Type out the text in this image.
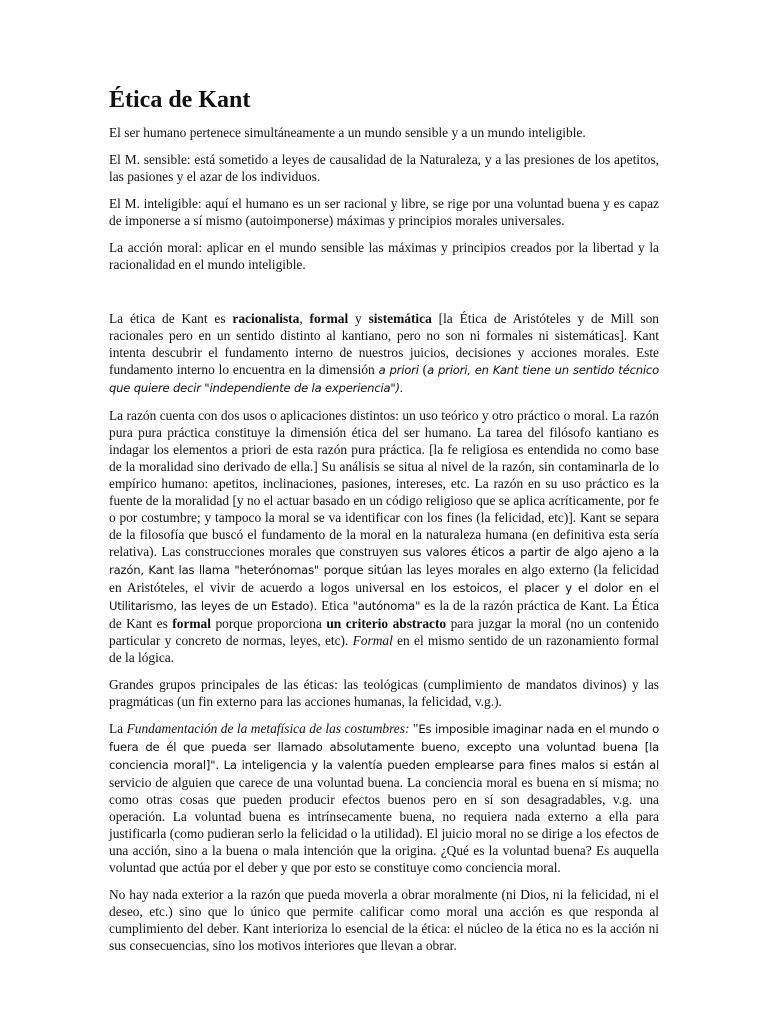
Ética de Kant

El ser humano pertenece simultáneamente a un mundo sensible y a un mundo inteligible.

El M. sensible: está sometido a leyes de causalidad de la Naturaleza, y a las presiones de los apetitos, las pasiones y el azar de los individuos.

El M. inteligible: aquí el humano es un ser racional y libre, se rige por una voluntad buena y es capaz de imponerse a sí mismo (autoimponerse) máximas y principios morales universales.

La acción moral: aplicar en el mundo sensible las máximas y principios creados por la libertad y la racionalidad en el mundo inteligible.

La ética de Kant es racionalista, formal y sistemática [la Ética de Aristóteles y de Mill son racionales pero en un sentido distinto al kantiano, pero no son ni formales ni sistemáticas]. Kant intenta descubrir el fundamento interno de nuestros juicios, decisiones y acciones morales. Este fundamento interno lo encuentra en la dimensión a priori (a priori, en Kant tiene un sentido técnico que quiere decir "independiente de la experiencia").

La razón cuenta con dos usos o aplicaciones distintos: un uso teórico y otro práctico o moral. La razón pura pura práctica constituye la dimensión ética del ser humano. La tarea del filósofo kantiano es indagar los elementos a priori de esta razón pura práctica. [la fe religiosa es entendida no como base de la moralidad sino derivado de ella.] Su análisis se situa al nivel de la razón, sin contaminarla de lo empírico humano: apetitos, inclinaciones, pasiones, intereses, etc. La razón en su uso práctico es la fuente de la moralidad [y no el actuar basado en un código religioso que se aplica acríticamente, por fe o por costumbre; y tampoco la moral se va identificar con los fines (la felicidad, etc)]. Kant se separa de la filosofía que buscó el fundamento de la moral en la naturaleza humana (en definitiva esta sería relativa). Las construcciones morales que construyen sus valores éticos a partir de algo ajeno a la razón, Kant las llama "heterónomas" porque sitúan las leyes morales en algo externo (la felicidad en Aristóteles, el vivir de acuerdo a logos universal en los estoicos, el placer y el dolor en el Utilitarismo, las leyes de un Estado). Etica "autónoma" es la de la razón práctica de Kant. La Ética de Kant es formal porque proporciona un criterio abstracto para juzgar la moral (no un contenido particular y concreto de normas, leyes, etc). Formal en el mismo sentido de un razonamiento formal de la lógica.

Grandes grupos principales de las éticas: las teológicas (cumplimiento de mandatos divinos) y las pragmáticas (un fin externo para las acciones humanas, la felicidad, v.g.).

La Fundamentación de la metafísica de las costumbres: "Es imposible imaginar nada en el mundo o fuera de él que pueda ser llamado absolutamente bueno, excepto una voluntad buena [la conciencia moral]". La inteligencia y la valentía pueden emplearse para fines malos si están al servicio de alguien que carece de una voluntad buena. La conciencia moral es buena en sí misma; no como otras cosas que pueden producir efectos buenos pero en sí son desagradables, v.g. una operación. La voluntad buena es intrínsecamente buena, no requiera nada externo a ella para justificarla (como pudieran serlo la felicidad o la utilidad). El juicio moral no se dirige a los efectos de una acción, sino a la buena o mala intención que la origina. ¿Qué es la voluntad buena? Es auquella voluntad que actúa por el deber y que por esto se constituye como conciencia moral.

No hay nada exterior a la razón que pueda moverla a obrar moralmente (ni Dios, ni la felicidad, ni el deseo, etc.) sino que lo único que permite calificar como moral una acción es que responda al cumplimiento del deber. Kant interioriza lo esencial de la ética: el núcleo de la ética no es la acción ni sus consecuencias, sino los motivos interiores que llevan a obrar.
